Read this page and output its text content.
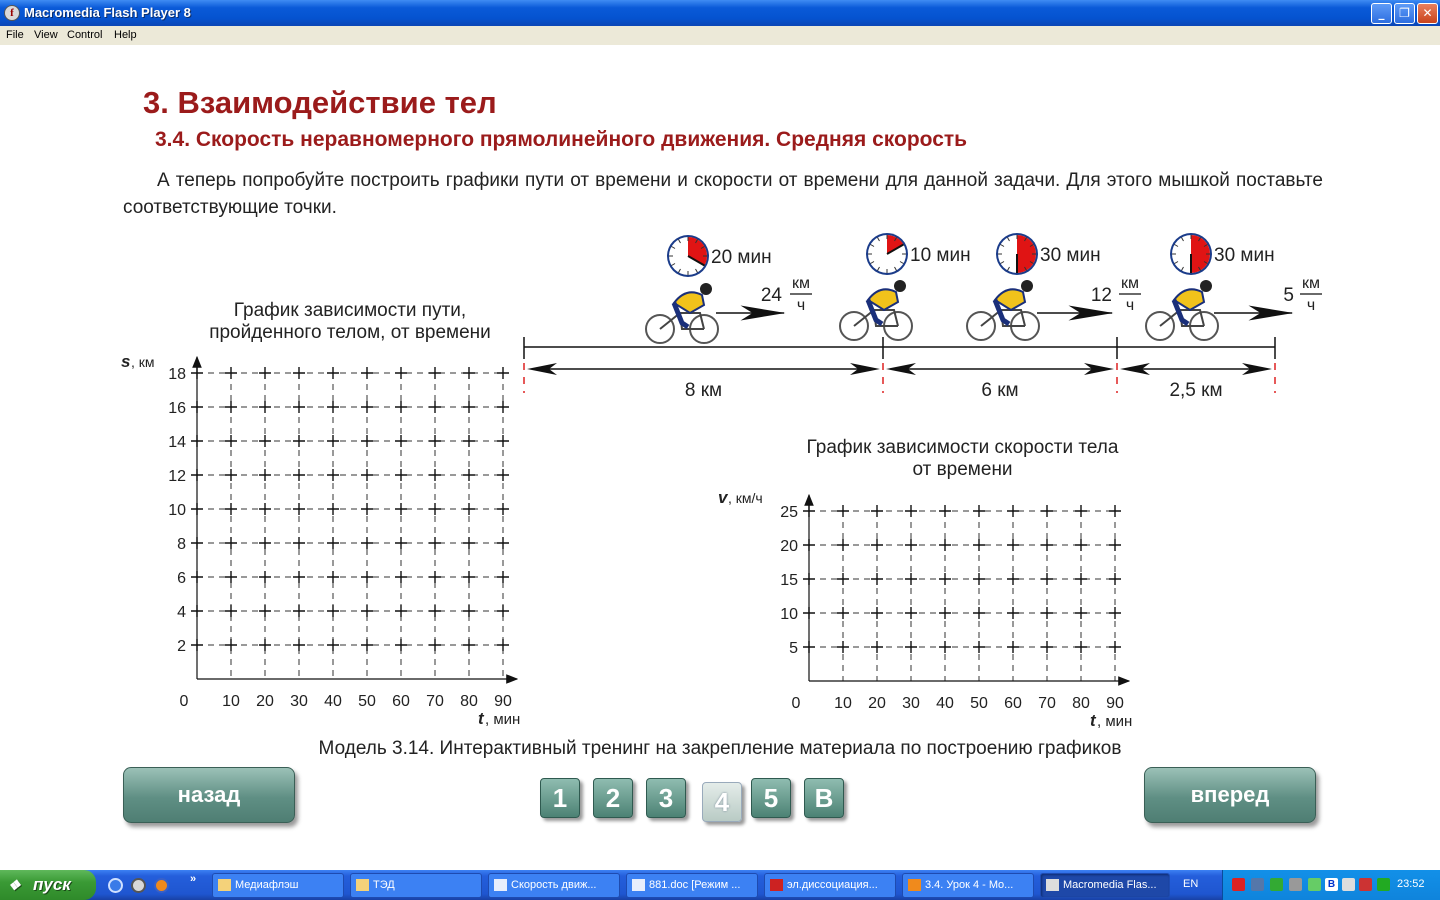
f Macromedia Flash Player 8	_	❐	✕
File View Control Help
3. Взаимодействие тел
3.4. Скорость неравномерного прямолинейного движения. Средняя скорость
А теперь попробуйте построить графики пути от времени и скорости от времени для данной задачи. Для этого мышкой поставьте соответствующие точки.
График зависимости пути,
пройденного телом, от времени
График зависимости скорости тела
от времени
Модель 3.14. Интерактивный тренинг на закрепление материала по построению графиков
18
16
14
12
10
8
6
4
2
10 20 30 40 50 60 70 80 90
0
s , км
t , мин
25
20
15
10
5
10 20 30 40 50 60 70 80 90
0
v , км/ч
t , мин
8 км	6 км	2,5 км
20 мин	10 мин	30 мин	30 мин
24
км
ч	12
км
ч	5
км
ч
назад	вперед
1	2	3	4	5	В
❖ пуск	»	Медиафлэш	ТЭД	Скорость движ...	881.doc [Режим ...	эл.диссоциация...	3.4. Урок 4 - Mo...	Macromedia Flas...	EN	B	23:52
